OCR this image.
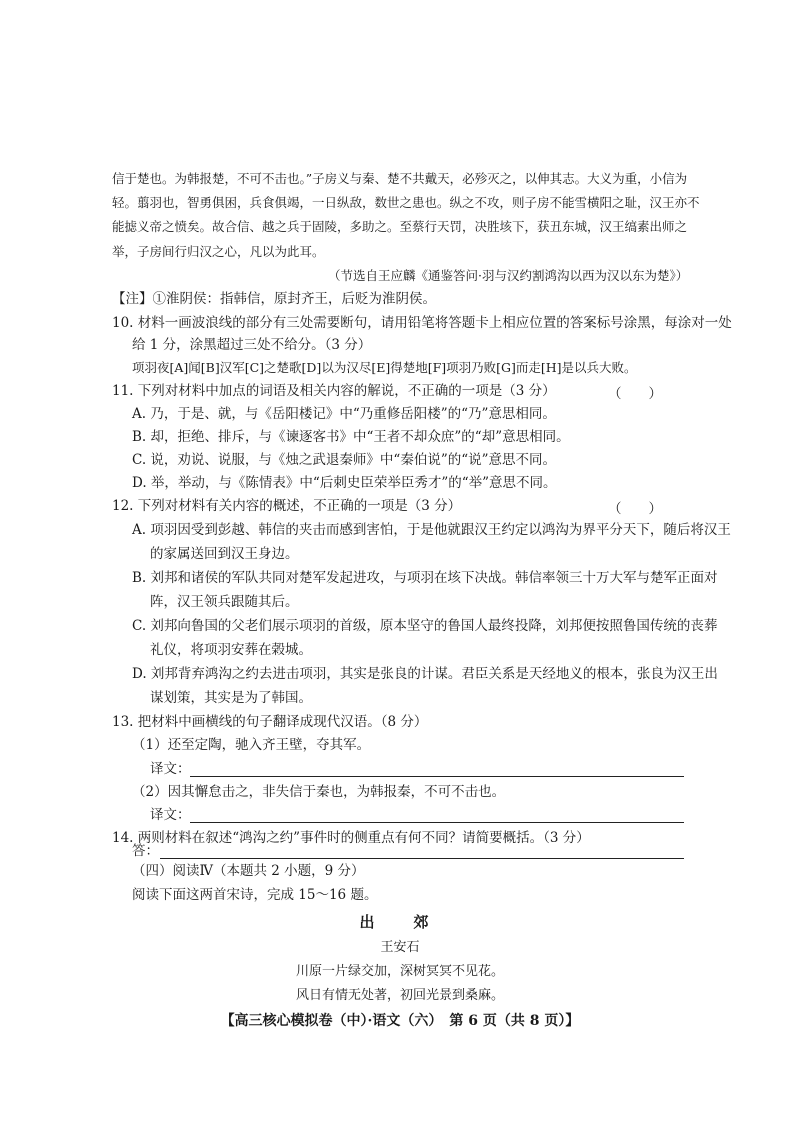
信于楚也。为韩报楚，不可不击也。”子房义与秦、楚不共戴天，必殄灭之，以伸其志。大义为重，小信为
轻。翦羽也，智勇俱困，兵食俱竭，一日纵敌，数世之患也。纵之不攻，则子房不能雪横阳之耻，汉王亦不
能摅义帝之愤矣。故合信、越之兵于固陵，多助之。至蔡行天罚，决胜垓下，获丑东城，汉王缟素出师之
举，子房间行归汉之心，凡以为此耳。
（节选自王应麟《通鉴答问·羽与汉约割鸿沟以西为汉以东为楚》）
【注】①淮阴侯：指韩信，原封齐王，后贬为淮阴侯。
10. 材料一画波浪线的部分有三处需要断句，请用铅笔将答题卡上相应位置的答案标号涂黑，每涂对一处
给 1 分，涂黑超过三处不给分。（3 分）
项羽夜[A]闻[B]汉军[C]之楚歌[D]以为汉尽[E]得楚地[F]项羽乃败[G]而走[H]是以兵大败。
11. 下列对材料中加点的词语及相关内容的解说，不正确的一项是（3 分）	（　　）
A. 乃，于是、就，与《岳阳楼记》中“乃重修岳阳楼”的“乃”意思相同。
B. 却，拒绝、排斥，与《谏逐客书》中“王者不却众庶”的“却”意思相同。
C. 说，劝说、说服，与《烛之武退秦师》中“秦伯说”的“说”意思不同。
D. 举，举动，与《陈情表》中“后刺史臣荣举臣秀才”的“举”意思不同。
12. 下列对材料有关内容的概述，不正确的一项是（3 分）	（　　）
A. 项羽因受到彭越、韩信的夹击而感到害怕，于是他就跟汉王约定以鸿沟为界平分天下，随后将汉王
的家属送回到汉王身边。
B. 刘邦和诸侯的军队共同对楚军发起进攻，与项羽在垓下决战。韩信率领三十万大军与楚军正面对
阵，汉王领兵跟随其后。
C. 刘邦向鲁国的父老们展示项羽的首级，原本坚守的鲁国人最终投降，刘邦便按照鲁国传统的丧葬
礼仪，将项羽安葬在榖城。
D. 刘邦背弃鸿沟之约去进击项羽，其实是张良的计谋。君臣关系是天经地义的根本，张良为汉王出
谋划策，其实是为了韩国。
13. 把材料中画横线的句子翻译成现代汉语。（8 分）
（1）还至定陶，驰入齐王壁，夺其军。
译文：
（2）因其懈怠击之，非失信于秦也，为韩报秦，不可不击也。
译文：
14. 两则材料在叙述“鸿沟之约”事件时的侧重点有何不同？请简要概括。（3 分）
答：
（四）阅读Ⅳ（本题共 2 小题，9 分）
阅读下面这两首宋诗，完成 15～16 题。
出　郊
王安石
川原一片绿交加，深树冥冥不见花。
风日有情无处著，初回光景到桑麻。
【高三核心模拟卷（中）·语文（六）　第 6 页（共 8 页）】
